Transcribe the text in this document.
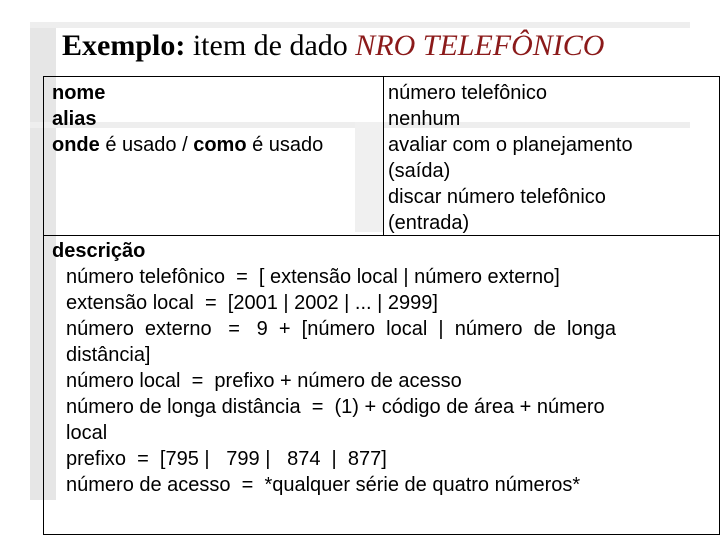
Exemplo: item de dado NRO TELEFÔNICO
nome
alias
onde é usado / como é usado
número telefônico
nenhum
avaliar com o planejamento
(saída)
discar número telefônico
(entrada)
descrição
número telefônico  =  [ extensão local | número externo]
extensão local  =  [2001 | 2002 | ... | 2999]
número  externo   =   9  +  [número  local  |  número  de  longa
distância]
número local  =  prefixo + número de acesso
número de longa distância  =  (1) + código de área + número
local
prefixo  =  [795 |   799 |   874  |  877]
número de acesso  =  *qualquer série de quatro números*
